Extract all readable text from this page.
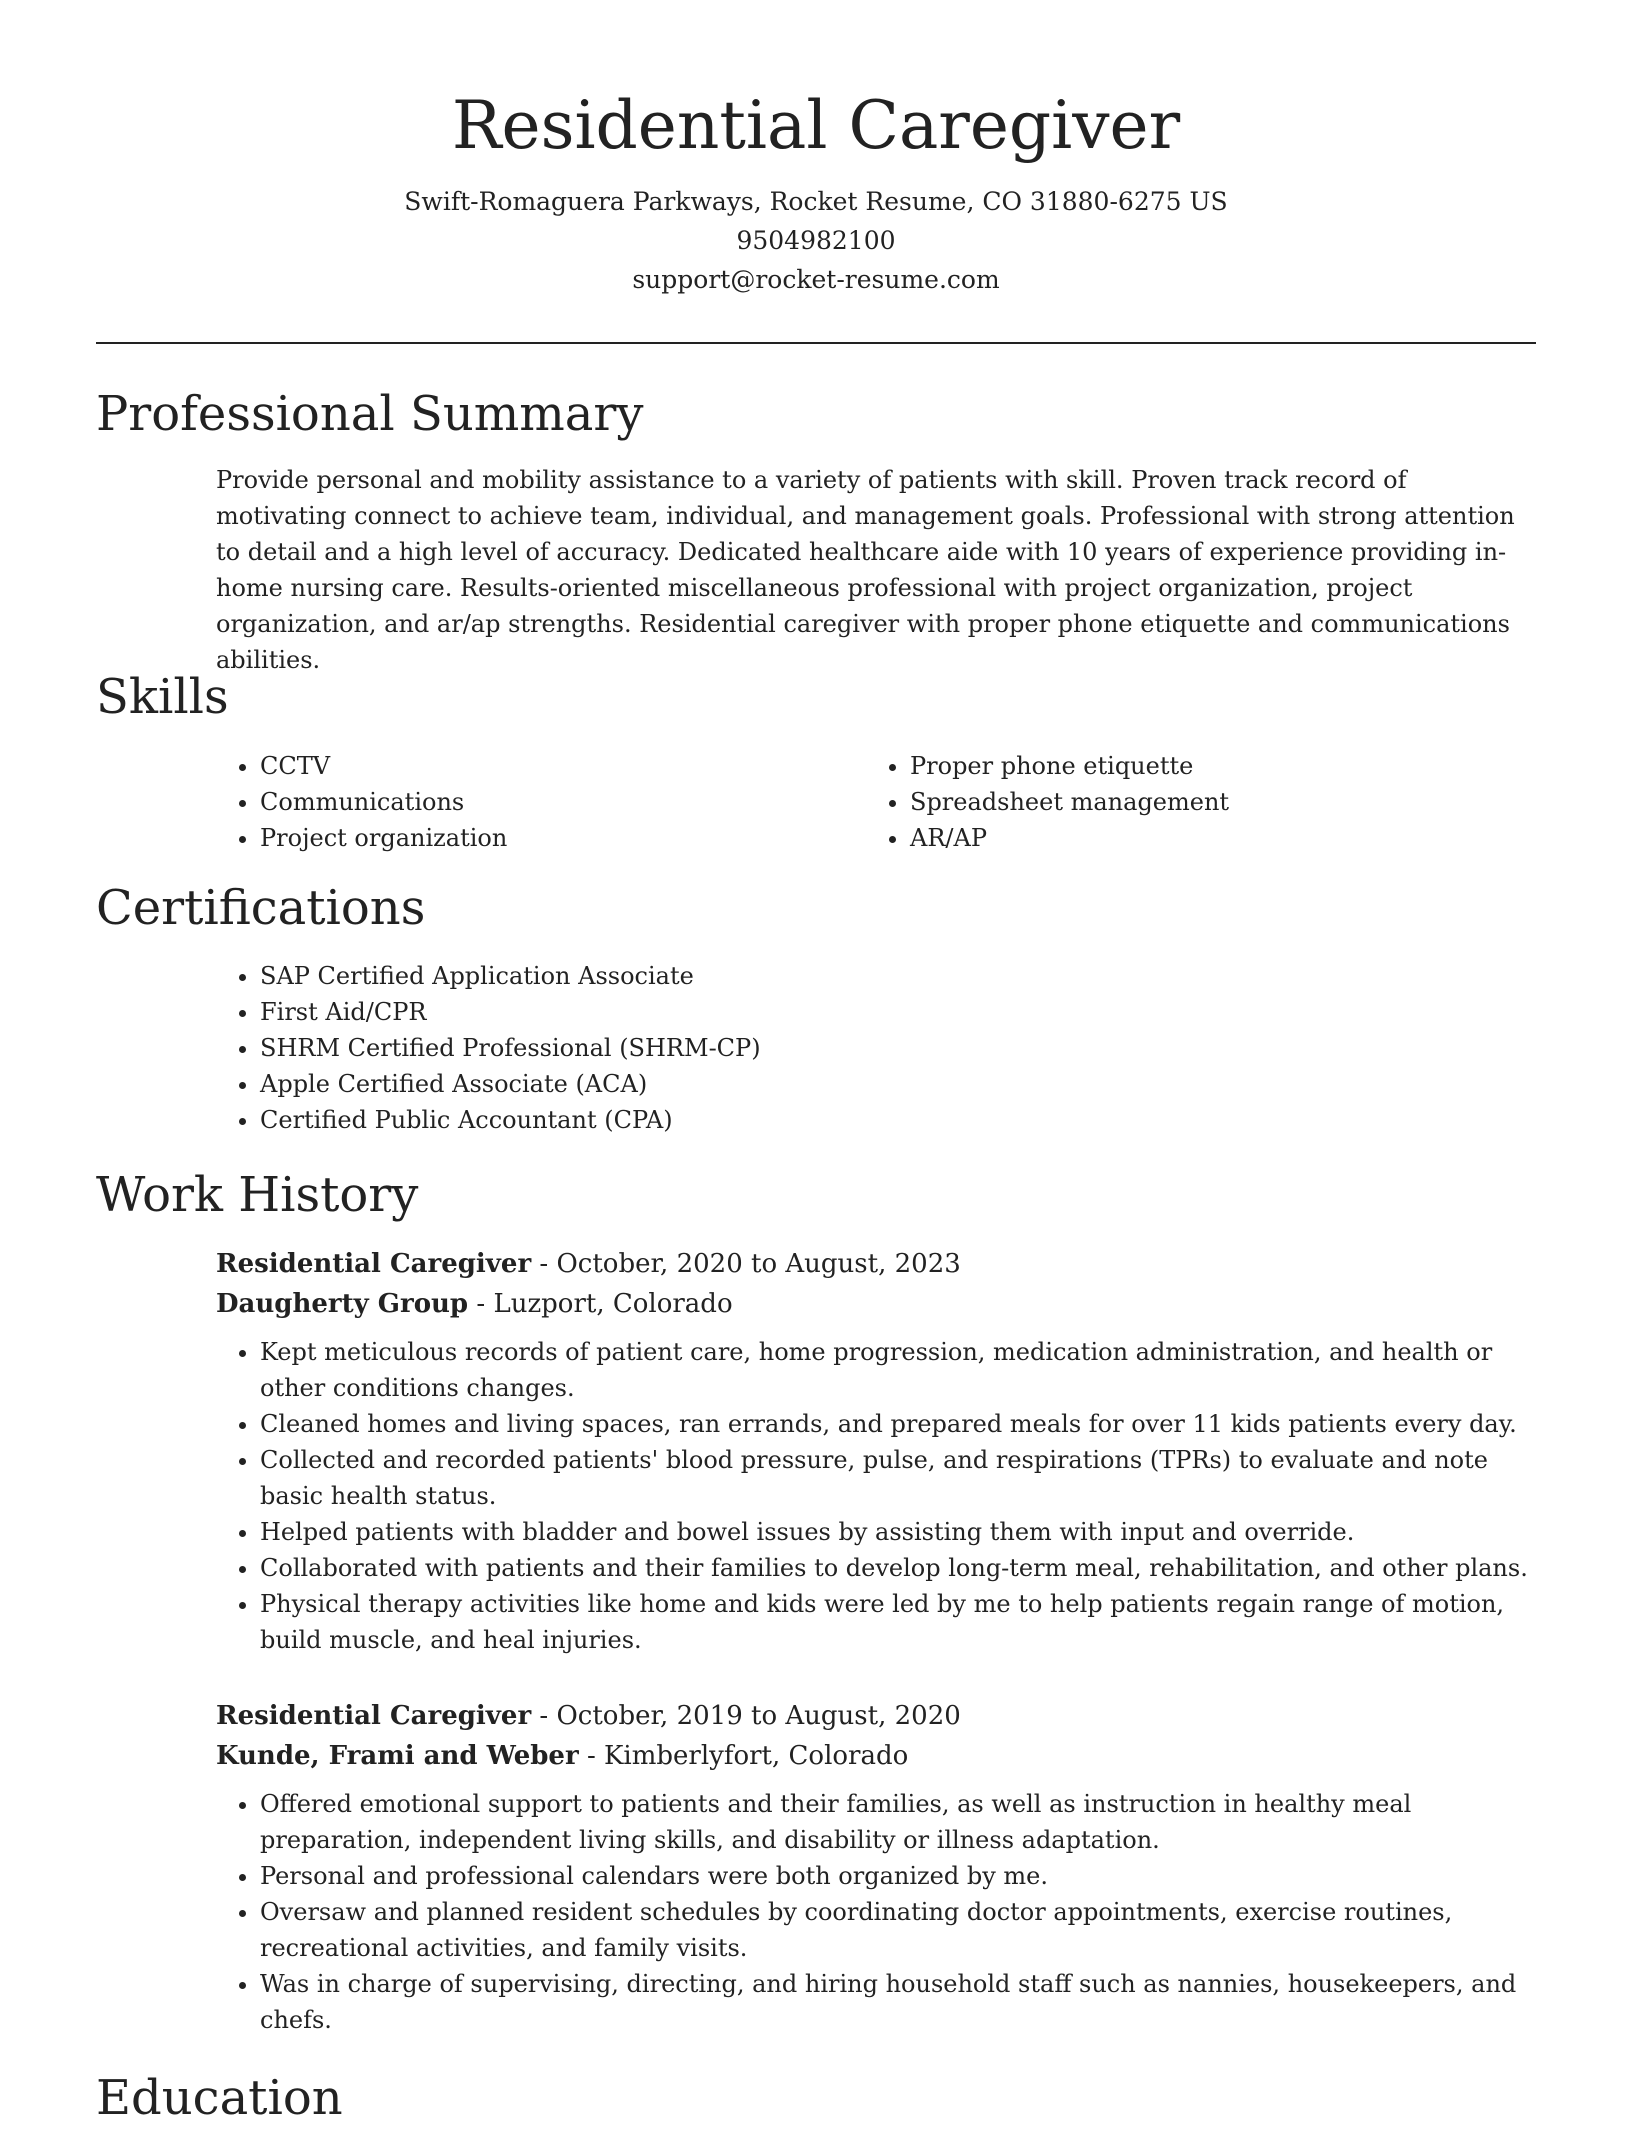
Residential Caregiver
Swift-Romaguera Parkways, Rocket Resume, CO 31880-6275 US
9504982100
support@rocket-resume.com
Professional Summary

Provide personal and mobility assistance to a variety of patients with skill. Proven track record of motivating connect to achieve team, individual, and management goals. Professional with strong attention to detail and a high level of accuracy. Dedicated healthcare aide with 10 years of experience providing in-home nursing care. Results-oriented miscellaneous professional with project organization, project organization, and ar/ap strengths. Residential caregiver with proper phone etiquette and communications abilities.

Skills
• CCTV
• Communications
• Project organization
• Proper phone etiquette
• Spreadsheet management
• AR/AP
Certifications
• SAP Certified Application Associate
• First Aid/CPR
• SHRM Certified Professional (SHRM-CP)
• Apple Certified Associate (ACA)
• Certified Public Accountant (CPA)
Work History
Residential Caregiver - October, 2020 to August, 2023
Daugherty Group - Luzport, Colorado
• Kept meticulous records of patient care, home progression, medication administration, and health or other conditions changes.
• Cleaned homes and living spaces, ran errands, and prepared meals for over 11 kids patients every day.
• Collected and recorded patients' blood pressure, pulse, and respirations (TPRs) to evaluate and note basic health status.
• Helped patients with bladder and bowel issues by assisting them with input and override.
• Collaborated with patients and their families to develop long-term meal, rehabilitation, and other plans.
• Physical therapy activities like home and kids were led by me to help patients regain range of motion, build muscle, and heal injuries.
Residential Caregiver - October, 2019 to August, 2020
Kunde, Frami and Weber - Kimberlyfort, Colorado
• Offered emotional support to patients and their families, as well as instruction in healthy meal preparation, independent living skills, and disability or illness adaptation.
• Personal and professional calendars were both organized by me.
• Oversaw and planned resident schedules by coordinating doctor appointments, exercise routines, recreational activities, and family visits.
• Was in charge of supervising, directing, and hiring household staff such as nannies, housekeepers, and chefs.
Education
